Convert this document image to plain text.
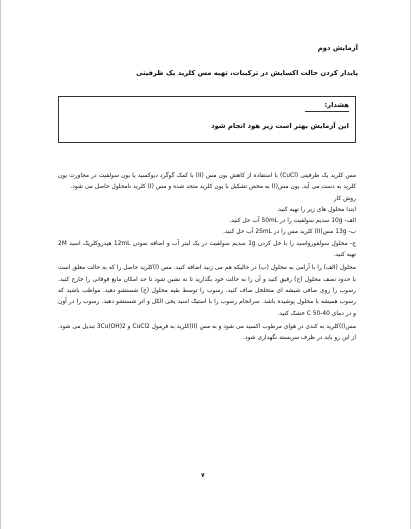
آزمایش دوم
پایدار کردن حالت اکسایش در ترکیبات، تهیه مس کلرید یک ظرفیتی
هشدار:
این آزمایش بهتر است زیر هود انجام شود

مس کلرید یک ظرفیتی (CuCl) با استفاده از کاهش یون مس (II) با کمک گوگرد دیوکسید یا یون سولفیت در مجاورت یون کلرید به دست می آید. یون مس(I) به محض تشکیل با یون کلرید متحد شده و مس (I) کلرید نامحلول حاصل می شود.

روش کار

ابتدا محلول های زیر را تهیه کنید.

الف- 10g سدیم سولفیت را در 50mL آب حل کنید.

ب- 13g مس(II) کلرید مس را در 25mL آب حل کنید.

ج- محلول سولفورواسید را با حل کردن 1g سدیم سولفیت در یک لیتر آب و اضافه نمودن 12mL هیدروکلریک اسید 2M تهیه کنید.

محلول (الف) را با آرامی به محلول (ب) در حالیکه هم می زنید اضافه کنید. مس (I)کلرید حاصل را که به حالت معلق است با حدود نصف محلول (ج) رقیق کنید و آن را به حالت خود بگذارید تا ته نشین شود تا حد امکان مایع فوقانی را خارج کنید. رسوب را روی صافی شیشه ای متخلخل صاف کنید. رسوب را توسط بقیه محلول (ج) شستشو دهید. مواظب باشید که رسوب همیشه با محلول پوشیده باشد. سرانجام رسوب را با استیک اسید یخی الکل و اتر شستشو دهید. رسوب را در آون و در دمای 40-50 C خشک کنید.

مس(I)کلرید به کندی در هوای مرطوب اکسید می شود و به مس (II)کلرید به فرمول CuCl2 و 3Cu(OH)2 تبدیل می شود. از این رو باید در ظرف سربسته نگهداری شود.

۷
